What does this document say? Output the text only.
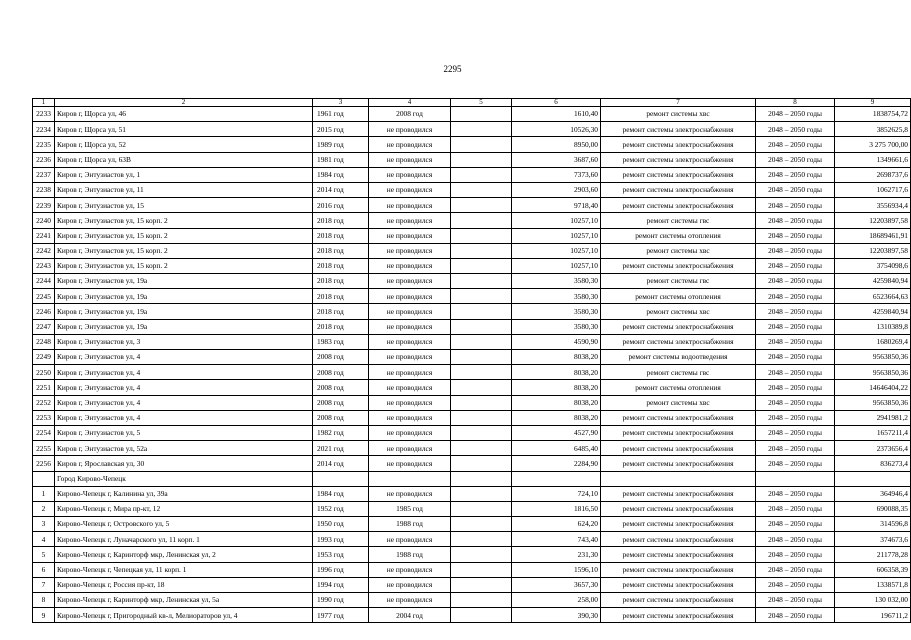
2295
1	2	3	4	5	6	7	8	9
2233	Киров г, Щорса ул, 46	1961 год	2008 год		1610,40	ремонт системы хвс	2048 – 2050 годы	1838754,72
2234	Киров г, Щорса ул, 51	2015 год	не проводился		10526,30	ремонт системы электроснабжения	2048 – 2050 годы	3852625,8
2235	Киров г, Щорса ул, 52	1989 год	не проводился		8950,00	ремонт системы электроснабжения	2048 – 2050 годы	3 275 700,00
2236	Киров г, Щорса ул, 63В	1981 год	не проводился		3687,60	ремонт системы электроснабжения	2048 – 2050 годы	1349661,6
2237	Киров г, Энтузиастов ул, 1	1984 год	не проводился		7373,60	ремонт системы электроснабжения	2048 – 2050 годы	2698737,6
2238	Киров г, Энтузиастов ул, 11	2014 год	не проводился		2903,60	ремонт системы электроснабжения	2048 – 2050 годы	1062717,6
2239	Киров г, Энтузиастов ул, 15	2016 год	не проводился		9718,40	ремонт системы электроснабжения	2048 – 2050 годы	3556934,4
2240	Киров г, Энтузиастов ул, 15 корп. 2	2018 год	не проводился		10257,10	ремонт системы гвс	2048 – 2050 годы	12203897,58
2241	Киров г, Энтузиастов ул, 15 корп. 2	2018 год	не проводился		10257,10	ремонт системы отопления	2048 – 2050 годы	18689461,91
2242	Киров г, Энтузиастов ул, 15 корп. 2	2018 год	не проводился		10257,10	ремонт системы хвс	2048 – 2050 годы	12203897,58
2243	Киров г, Энтузиастов ул, 15 корп. 2	2018 год	не проводился		10257,10	ремонт системы электроснабжения	2048 – 2050 годы	3754098,6
2244	Киров г, Энтузиастов ул, 19а	2018 год	не проводился		3580,30	ремонт системы гвс	2048 – 2050 годы	4259840,94
2245	Киров г, Энтузиастов ул, 19а	2018 год	не проводился		3580,30	ремонт системы отопления	2048 – 2050 годы	6523664,63
2246	Киров г, Энтузиастов ул, 19а	2018 год	не проводился		3580,30	ремонт системы хвс	2048 – 2050 годы	4259840,94
2247	Киров г, Энтузиастов ул, 19а	2018 год	не проводился		3580,30	ремонт системы электроснабжения	2048 – 2050 годы	1310389,8
2248	Киров г, Энтузиастов ул, 3	1983 год	не проводился		4590,90	ремонт системы электроснабжения	2048 – 2050 годы	1680269,4
2249	Киров г, Энтузиастов ул, 4	2008 год	не проводился		8038,20	ремонт системы водоотведения	2048 – 2050 годы	9563850,36
2250	Киров г, Энтузиастов ул, 4	2008 год	не проводился		8038,20	ремонт системы гвс	2048 – 2050 годы	9563850,36
2251	Киров г, Энтузиастов ул, 4	2008 год	не проводился		8038,20	ремонт системы отопления	2048 – 2050 годы	14646404,22
2252	Киров г, Энтузиастов ул, 4	2008 год	не проводился		8038,20	ремонт системы хвс	2048 – 2050 годы	9563850,36
2253	Киров г, Энтузиастов ул, 4	2008 год	не проводился		8038,20	ремонт системы электроснабжения	2048 – 2050 годы	2941981,2
2254	Киров г, Энтузиастов ул, 5	1982 год	не проводился		4527,90	ремонт системы электроснабжения	2048 – 2050 годы	1657211,4
2255	Киров г, Энтузиастов ул, 52а	2021 год	не проводился		6485,40	ремонт системы электроснабжения	2048 – 2050 годы	2373656,4
2256	Киров г, Ярославская ул, 30	2014 год	не проводился		2284,90	ремонт системы электроснабжения	2048 – 2050 годы	836273,4
	Город Кирово-Чепецк							
1	Кирово-Чепецк г, Калинина ул, 39а	1984 год	не проводился		724,10	ремонт системы электроснабжения	2048 – 2050 годы	364946,4
2	Кирово-Чепецк г, Мира пр-кт, 12	1952 год	1985 год		1816,50	ремонт системы электроснабжения	2048 – 2050 годы	690088,35
3	Кирово-Чепецк г, Островского ул, 5	1950 год	1988 год		624,20	ремонт системы электроснабжения	2048 – 2050 годы	314596,8
4	Кирово-Чепецк г, Луначарского ул, 11 корп. 1	1993 год	не проводился		743,40	ремонт системы электроснабжения	2048 – 2050 годы	374673,6
5	Кирово-Чепецк г, Каринторф мкр, Ленинская ул, 2	1953 год	1988 год		231,30	ремонт системы электроснабжения	2048 – 2050 годы	211778,28
6	Кирово-Чепецк г, Чепецкая ул, 11 корп. 1	1996 год	не проводился		1596,10	ремонт системы электроснабжения	2048 – 2050 годы	606358,39
7	Кирово-Чепецк г, Россия пр-кт, 18	1994 год	не проводился		3657,30	ремонт системы электроснабжения	2048 – 2050 годы	1338571,8
8	Кирово-Чепецк г, Каринторф мкр, Ленинская ул, 5а	1990 год	не проводился		258,00	ремонт системы электроснабжения	2048 – 2050 годы	130 032,00
9	Кирово-Чепецк г, Пригородный кв-л, Мелиораторов ул, 4	1977 год	2004 год		390,30	ремонт системы электроснабжения	2048 – 2050 годы	196711,2
